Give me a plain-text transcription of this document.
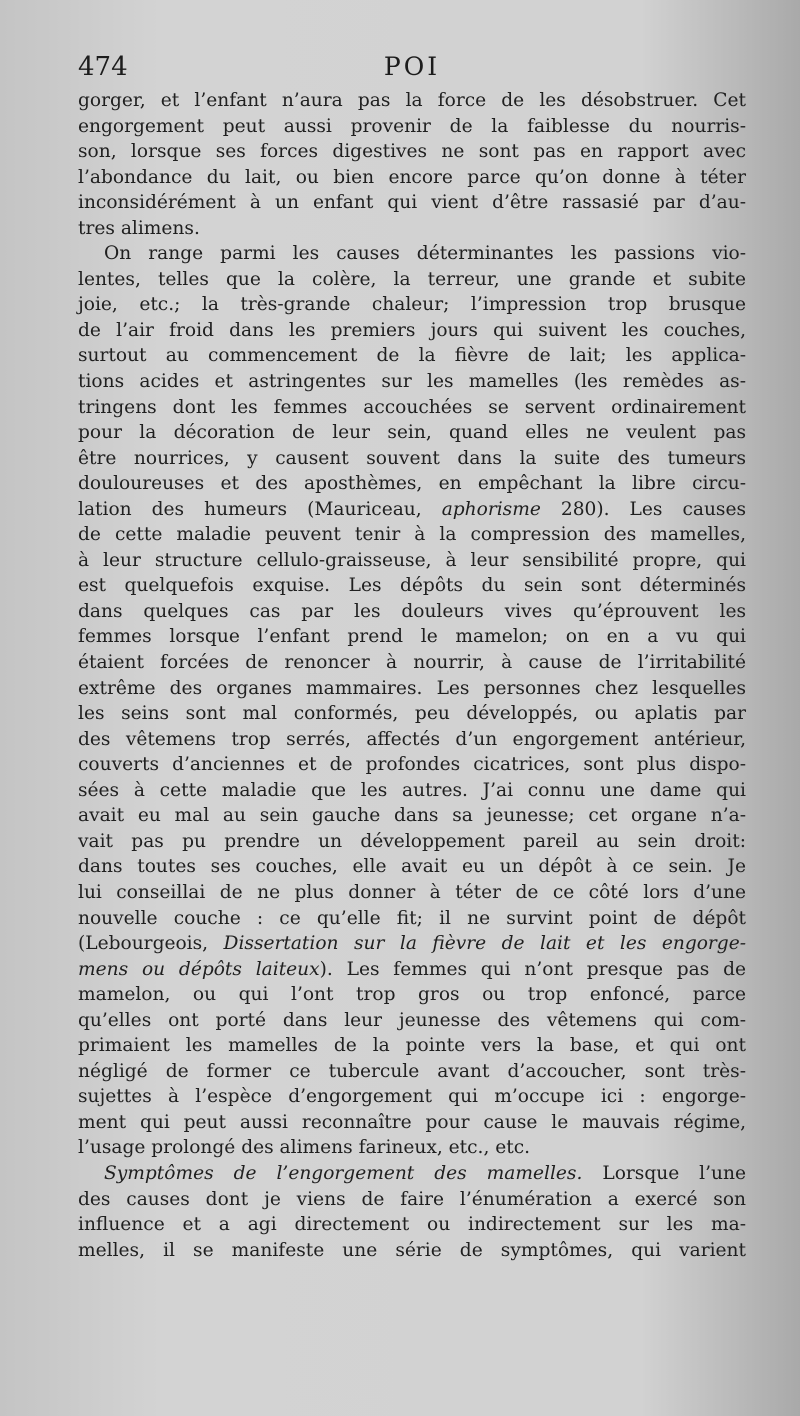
474	POI
gorger, et l’enfant n’aura pas la force de les désobstruer. Cet
engorgement peut aussi provenir de la faiblesse du nourris-
son, lorsque ses forces digestives ne sont pas en rapport avec
l’abondance du lait, ou bien encore parce qu’on donne à téter
inconsidérément à un enfant qui vient d’être rassasié par d’au-
tres alimens.
On range parmi les causes déterminantes les passions vio-
lentes, telles que la colère, la terreur, une grande et subite
joie, etc.; la très-grande chaleur; l’impression trop brusque
de l’air froid dans les premiers jours qui suivent les couches,
surtout au commencement de la fièvre de lait; les applica-
tions acides et astringentes sur les mamelles (les remèdes as-
tringens dont les femmes accouchées se servent ordinairement
pour la décoration de leur sein, quand elles ne veulent pas
être nourrices, y causent souvent dans la suite des tumeurs
douloureuses et des aposthèmes, en empêchant la libre circu-
lation des humeurs (Mauriceau, aphorisme 280). Les causes
de cette maladie peuvent tenir à la compression des mamelles,
à leur structure cellulo-graisseuse, à leur sensibilité propre, qui
est quelquefois exquise. Les dépôts du sein sont déterminés
dans quelques cas par les douleurs vives qu’éprouvent les
femmes lorsque l’enfant prend le mamelon; on en a vu qui
étaient forcées de renoncer à nourrir, à cause de l’irritabilité
extrême des organes mammaires. Les personnes chez lesquelles
les seins sont mal conformés, peu développés, ou aplatis par
des vêtemens trop serrés, affectés d’un engorgement antérieur,
couverts d’anciennes et de profondes cicatrices, sont plus dispo-
sées à cette maladie que les autres. J’ai connu une dame qui
avait eu mal au sein gauche dans sa jeunesse; cet organe n’a-
vait pas pu prendre un développement pareil au sein droit:
dans toutes ses couches, elle avait eu un dépôt à ce sein. Je
lui conseillai de ne plus donner à téter de ce côté lors d’une
nouvelle couche : ce qu’elle fit; il ne survint point de dépôt
(Lebourgeois, Dissertation sur la fièvre de lait et les engorge-
mens ou dépôts laiteux). Les femmes qui n’ont presque pas de
mamelon, ou qui l’ont trop gros ou trop enfoncé, parce
qu’elles ont porté dans leur jeunesse des vêtemens qui com-
primaient les mamelles de la pointe vers la base, et qui ont
négligé de former ce tubercule avant d’accoucher, sont très-
sujettes à l’espèce d’engorgement qui m’occupe ici : engorge-
ment qui peut aussi reconnaître pour cause le mauvais régime,
l’usage prolongé des alimens farineux, etc., etc.
Symptômes de l’engorgement des mamelles. Lorsque l’une
des causes dont je viens de faire l’énumération a exercé son
influence et a agi directement ou indirectement sur les ma-
melles, il se manifeste une série de symptômes, qui varient
